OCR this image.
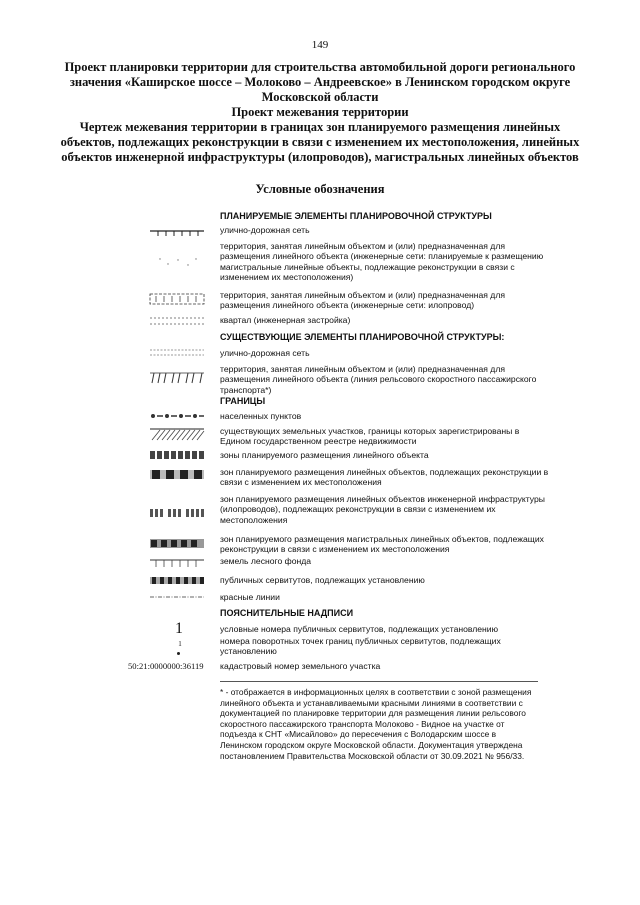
149
Проект планировки территории для строительства автомобильной дороги регионального
значения «Каширское шоссе – Молоково – Андреевское» в Ленинском городском округе
Московской области
Проект межевания территории
Чертеж межевания территории в границах зон планируемого размещения линейных
объектов, подлежащих реконструкции в связи с изменением их местоположения, линейных
объектов инженерной инфраструктуры (илопроводов), магистральных линейных объектов
Условные обозначения
ПЛАНИРУЕМЫЕ ЭЛЕМЕНТЫ ПЛАНИРОВОЧНОЙ СТРУКТУРЫ
улично-дорожная сеть
территория, занятая линейным объектом и (или) предназначенная для размещения линейного объекта (инженерные сети: планируемые к размещению магистральные линейные объекты, подлежащие реконструкции в связи с изменением их местоположения)
территория, занятая линейным объектом и (или) предназначенная для размещения линейного объекта (инженерные сети: илопровод)
квартал (инженерная застройка)
СУЩЕСТВУЮЩИЕ ЭЛЕМЕНТЫ ПЛАНИРОВОЧНОЙ СТРУКТУРЫ:
улично-дорожная сеть
территория, занятая линейным объектом и (или) предназначенная для размещения линейного объекта (линия рельсового скоростного пассажирского транспорта*)
ГРАНИЦЫ
населенных пунктов
существующих земельных участков, границы которых зарегистрированы в Едином государственном реестре недвижимости
зоны планируемого размещения линейного объекта
зон планируемого размещения линейных объектов, подлежащих реконструкции в связи с изменением их местоположения
зон планируемого размещения линейных объектов инженерной инфраструктуры (илопроводов), подлежащих реконструкции в связи с изменением их местоположения
зон планируемого размещения магистральных линейных объектов, подлежащих реконструкции в связи с изменением их местоположения
земель лесного фонда
публичных сервитутов, подлежащих установлению
красные линии
ПОЯСНИТЕЛЬНЫЕ НАДПИСИ
1	условные номера публичных сервитутов, подлежащих установлению
1	номера поворотных точек границ публичных сервитутов, подлежащих установлению
50:21:0000000:36119	кадастровый номер земельного участка
* - отображается в информационных целях в соответствии с зоной размещения линейного объекта и устанавливаемыми красными линиями в соответствии с документацией по планировке территории для размещения линии рельсового скоростного пассажирского транспорта Молоково - Видное на участке от подъезда к СНТ «Мисайлово» до пересечения с Володарским шоссе в Ленинском городском округе Московской области. Документация утверждена постановлением Правительства Московской области от 30.09.2021 № 956/33.
